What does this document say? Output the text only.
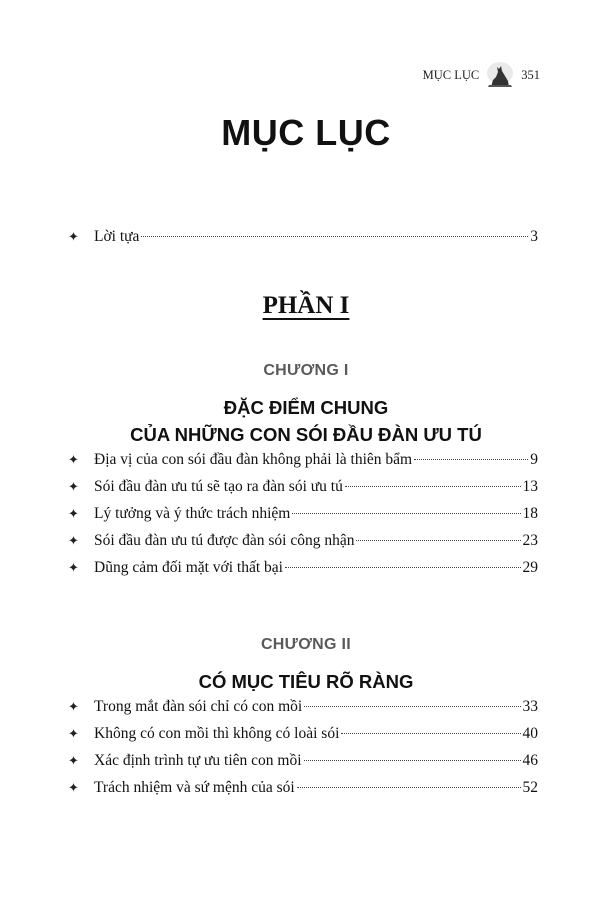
MỤC LỤC	351
MỤC LỤC
✦ Lời tựa	3
PHẦN I
CHƯƠNG I
ĐẶC ĐIỂM CHUNG
CỦA NHỮNG CON SÓI ĐẦU ĐÀN ƯU TÚ
✦ Địa vị của con sói đầu đàn không phải là thiên bẩm	9
✦ Sói đầu đàn ưu tú sẽ tạo ra đàn sói ưu tú	13
✦ Lý tưởng và ý thức trách nhiệm	18
✦ Sói đầu đàn ưu tú được đàn sói công nhận	23
✦ Dũng cảm đối mặt với thất bại	29
CHƯƠNG II
CÓ MỤC TIÊU RÕ RÀNG
✦ Trong mắt đàn sói chỉ có con mồi	33
✦ Không có con mồi thì không có loài sói	40
✦ Xác định trình tự ưu tiên con mồi	46
✦ Trách nhiệm và sứ mệnh của sói	52
